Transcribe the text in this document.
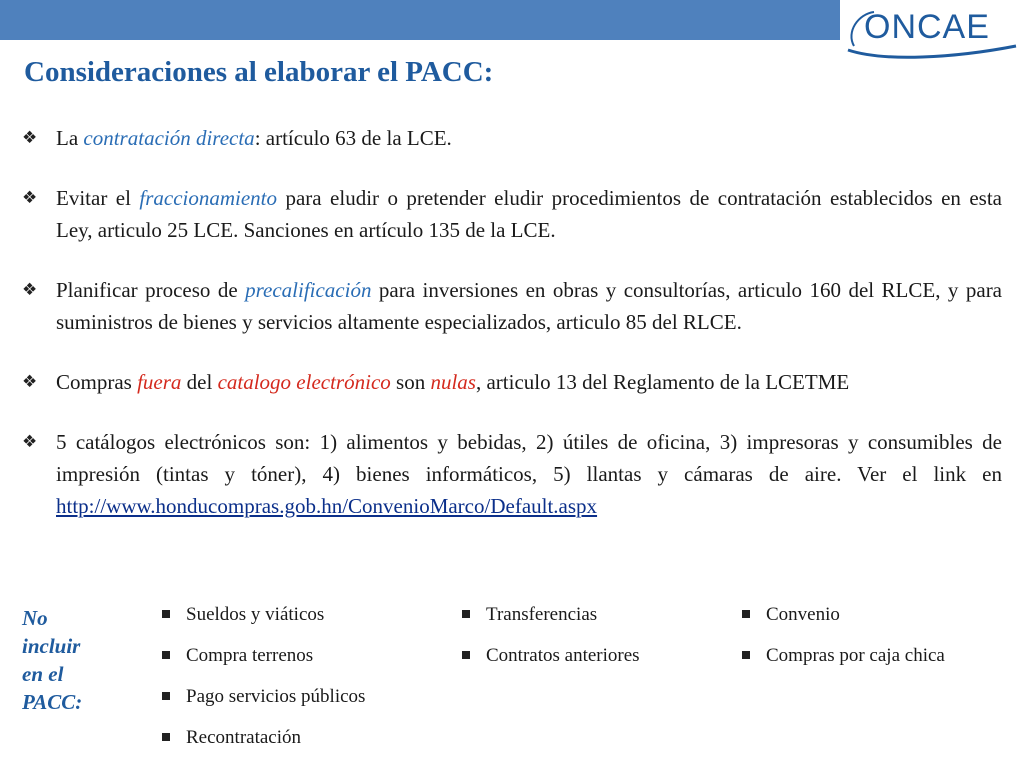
ONCAE
Consideraciones al elaborar el PACC:
❖ La contratación directa: artículo 63 de la LCE.
❖ Evitar el fraccionamiento para eludir o pretender eludir procedimientos de contratación establecidos en esta Ley, articulo 25 LCE. Sanciones en artículo 135 de la LCE.
❖ Planificar proceso de precalificación para inversiones en obras y consultorías, articulo 160 del RLCE, y para suministros de bienes y servicios altamente especializados, articulo 85 del RLCE.
❖ Compras fuera del catalogo electrónico son nulas, articulo 13 del Reglamento de la LCETME
❖ 5 catálogos electrónicos son: 1) alimentos y bebidas, 2) útiles de oficina, 3) impresoras y consumibles de impresión (tintas y tóner), 4) bienes informáticos, 5) llantas y cámaras de aire. Ver el link en http://www.honducompras.gob.hn/ConvenioMarco/Default.aspx
No
incluir
en el
PACC:
Sueldos y viáticos
Compra terrenos
Pago servicios públicos
Recontratación
Transferencias
Contratos anteriores
Convenio
Compras por caja chica
